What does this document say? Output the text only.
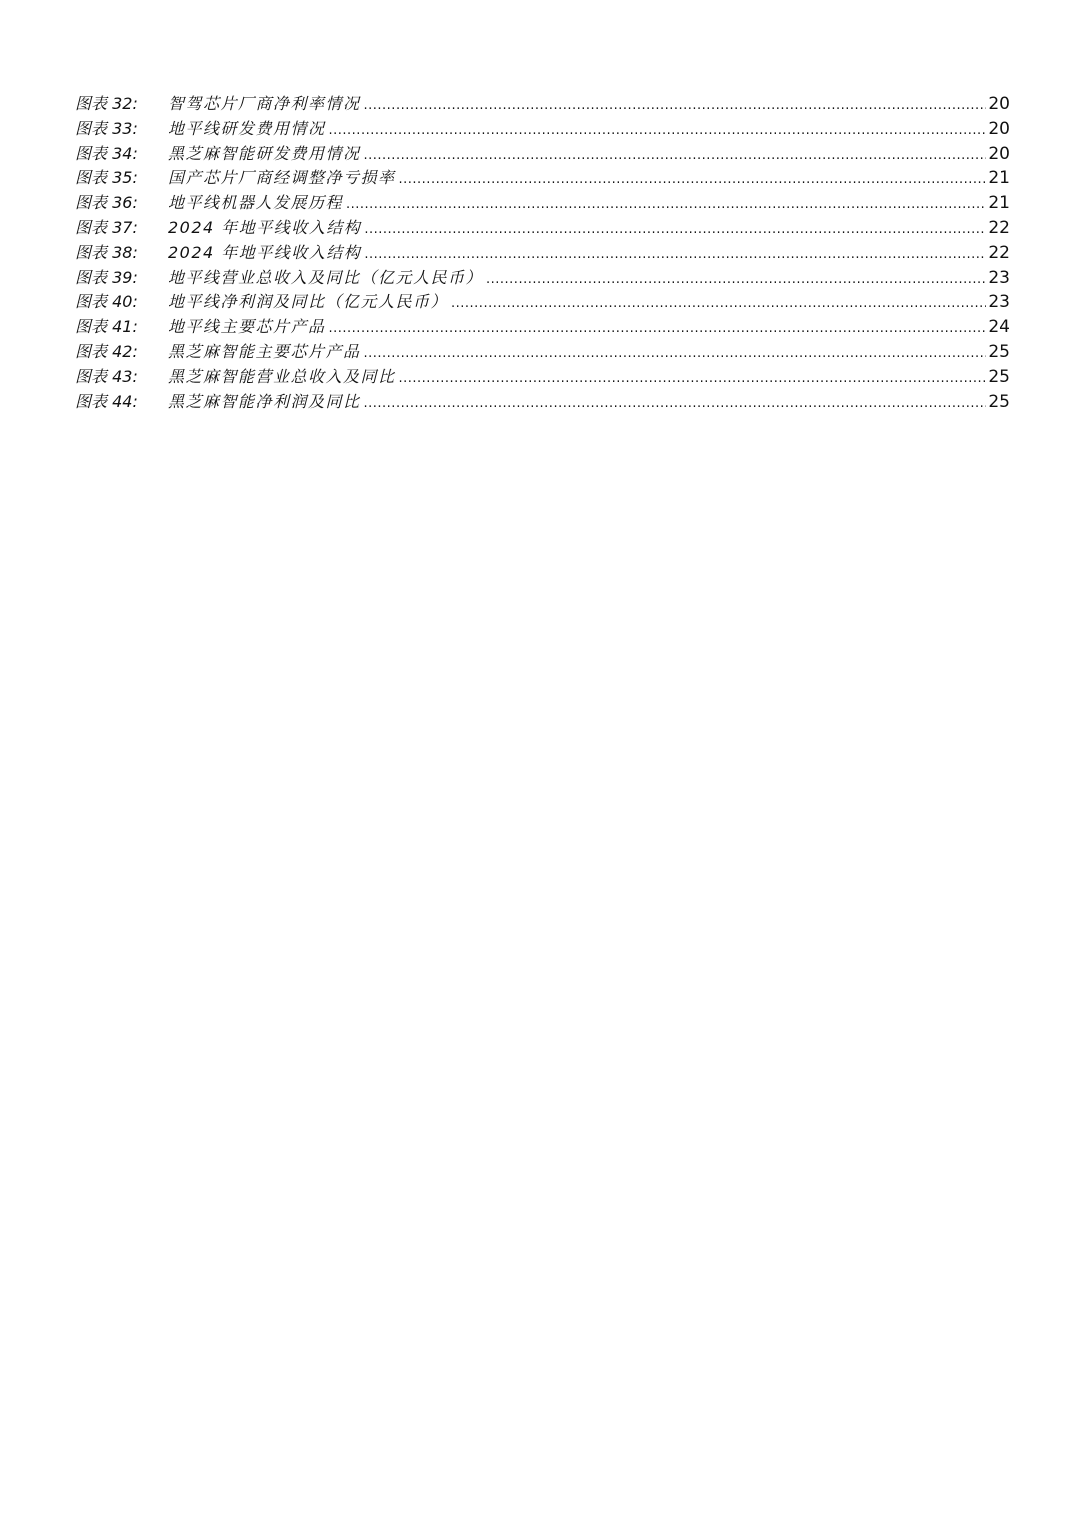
图表 32:	智驾芯片厂商净利率情况 .....	20
图表 33:	地平线研发费用情况 .....	20
图表 34:	黑芝麻智能研发费用情况 .....	20
图表 35:	国产芯片厂商经调整净亏损率 .....	21
图表 36:	地平线机器人发展历程 .....	21
图表 37:	2024 年地平线收入结构 .....	22
图表 38:	2024 年地平线收入结构 .....	22
图表 39:	地平线营业总收入及同比（亿元人民币） .....	23
图表 40:	地平线净利润及同比（亿元人民币） .....	23
图表 41:	地平线主要芯片产品 .....	24
图表 42:	黑芝麻智能主要芯片产品 .....	25
图表 43:	黑芝麻智能营业总收入及同比 .....	25
图表 44:	黑芝麻智能净利润及同比 .....	25
